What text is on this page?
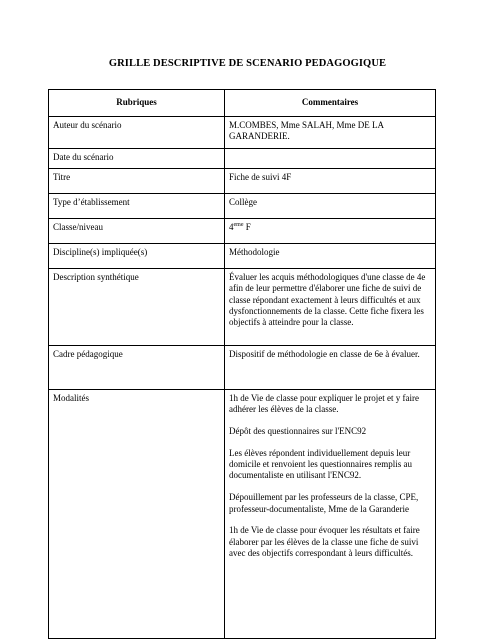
GRILLE DESCRIPTIVE DE SCENARIO PEDAGOGIQUE
Rubriques	Commentaires
Auteur du scénario	M.COMBES, Mme SALAH, Mme DE LA GARANDERIE.

Date du scénario	

Titre	Fiche de suivi 4F

Type d’établissement	Collège

Classe/niveau	4eme F
Discipline(s) impliquée(s)	Méthodologie

Description synthétique	Évaluer les acquis méthodologiques d'une classe de 4e afin de leur permettre d'élaborer une fiche de suivi de classe répondant exactement à leurs difficultés et aux dysfonctionnements de la classe. Cette fiche fixera les objectifs à atteindre pour la classe.

Cadre pédagogique	Dispositif de méthodologie en classe de 6e à évaluer.

Modalités	1h de Vie de classe pour expliquer le projet et y faire adhérer les élèves de la classe.

Dépôt des questionnaires sur l'ENC92

Les élèves répondent individuellement depuis leur domicile et renvoient les questionnaires remplis au documentaliste en utilisant l'ENC92.

Dépouillement par les professeurs de la classe, CPE, professeur-documentaliste, Mme de la Garanderie

1h de Vie de classe pour évoquer les résultats et faire élaborer par les élèves de la classe une fiche de suivi avec des objectifs correspondant à leurs difficultés.
